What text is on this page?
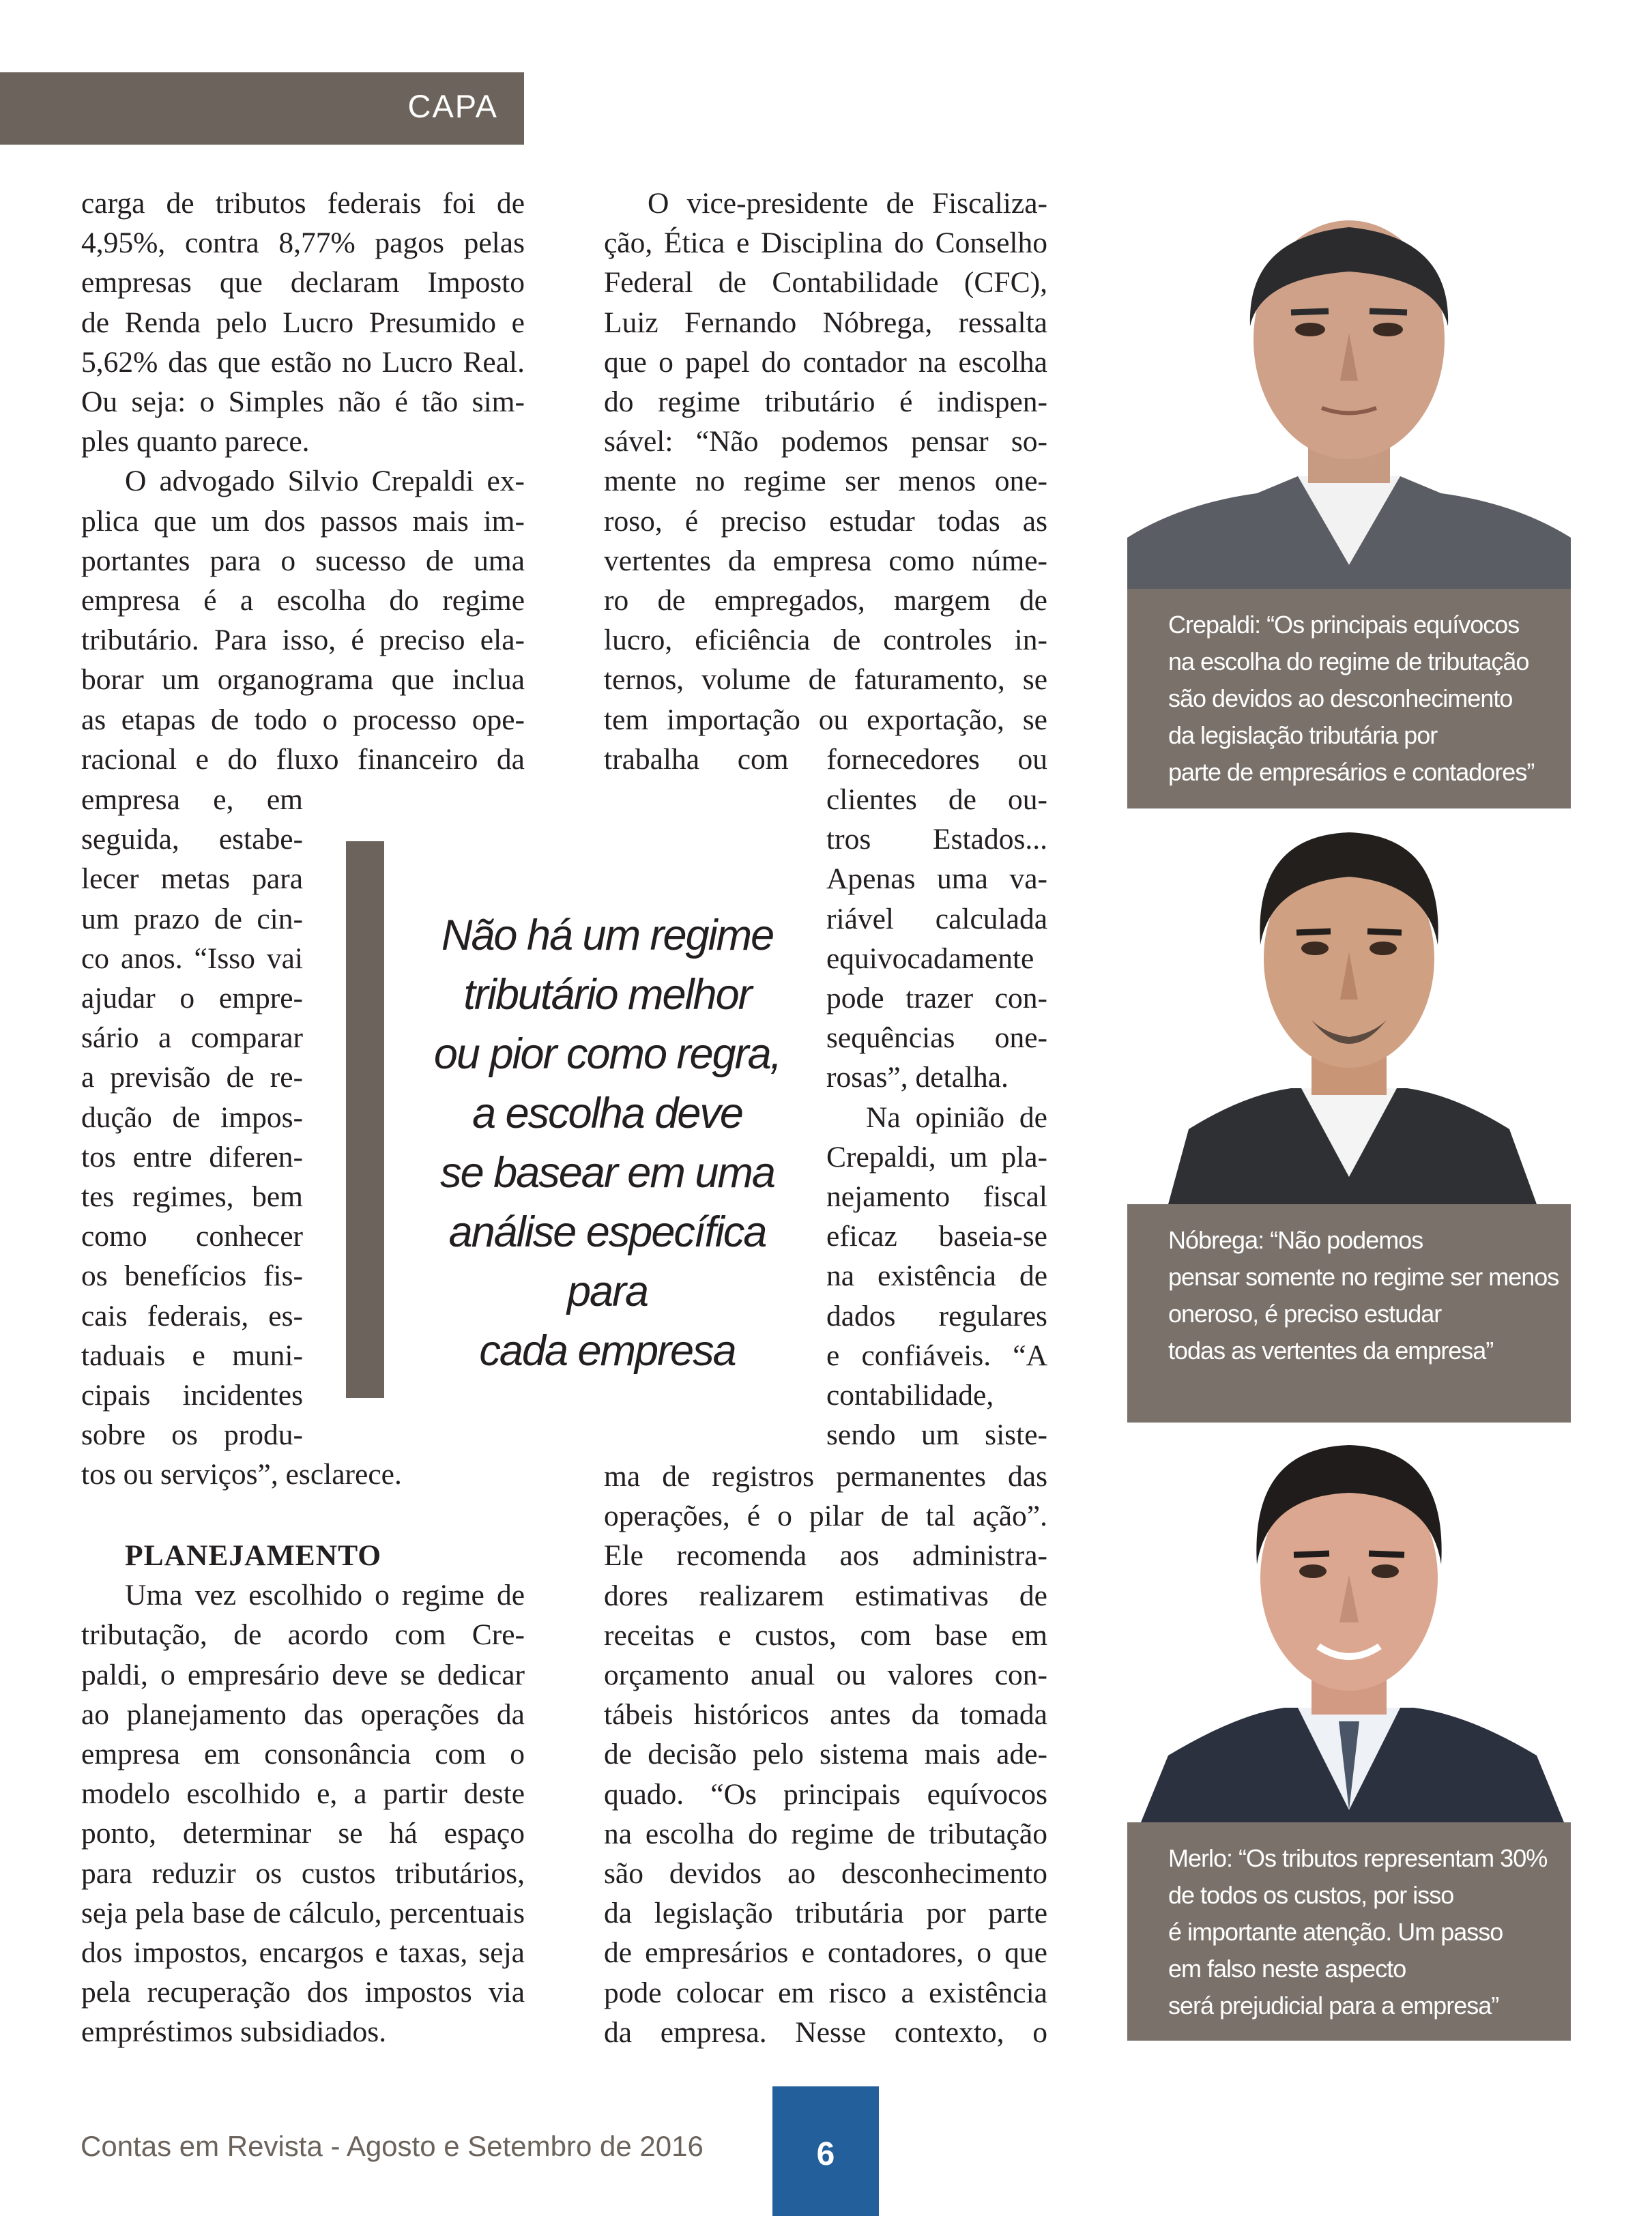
CAPA
carga de tributos federais foi de
4,95%, contra 8,77% pagos pelas
empresas que declaram Imposto
de Renda pelo Lucro Presumido e
5,62% das que estão no Lucro Real.
Ou seja: o Simples não é tão sim-
ples quanto parece.
O advogado Silvio Crepaldi ex-
plica que um dos passos mais im-
portantes para o sucesso de uma
empresa é a escolha do regime
tributário. Para isso, é preciso ela-
borar um organograma que inclua
as etapas de todo o processo ope-
racional e do fluxo financeiro da
empresa e, em
seguida, estabe-
lecer metas para
um prazo de cin-
co anos. “Isso vai
ajudar o empre-
sário a comparar
a previsão de re-
dução de impos-
tos entre diferen-
tes regimes, bem
como conhecer
os benefícios fis-
cais federais, es-
taduais e muni-
cipais incidentes
sobre os produ-
tos ou serviços”, esclarece.
PLANEJAMENTO
Uma vez escolhido o regime de
tributação, de acordo com Cre-
paldi, o empresário deve se dedicar
ao planejamento das operações da
empresa em consonância com o
modelo escolhido e, a partir deste
ponto, determinar se há espaço
para reduzir os custos tributários,
seja pela base de cálculo, percentuais
dos impostos, encargos e taxas, seja
pela recuperação dos impostos via
empréstimos subsidiados.
O vice-presidente de Fiscaliza-
ção, Ética e Disciplina do Conselho
Federal de Contabilidade (CFC),
Luiz Fernando Nóbrega, ressalta
que o papel do contador na escolha
do regime tributário é indispen-
sável: “Não podemos pensar so-
mente no regime ser menos one-
roso, é preciso estudar todas as
vertentes da empresa como núme-
ro de empregados, margem de
lucro, eficiência de controles in-
ternos, volume de faturamento, se
tem importação ou exportação, se
trabalha com fornecedores ou
clientes de ou-
tros Estados...
Apenas uma va-
riável calculada
equivocadamente
pode trazer con-
sequências one-
rosas”, detalha.
Na opinião de
Crepaldi, um pla-
nejamento fiscal
eficaz baseia-se
na existência de
dados regulares
e confiáveis. “A
contabilidade,
sendo um siste-
ma de registros permanentes das
operações, é o pilar de tal ação”.
Ele recomenda aos administra-
dores realizarem estimativas de
receitas e custos, com base em
orçamento anual ou valores con-
tábeis históricos antes da tomada
de decisão pelo sistema mais ade-
quado. “Os principais equívocos
na escolha do regime de tributação
são devidos ao desconhecimento
da legislação tributária por parte
de empresários e contadores, o que
pode colocar em risco a existência
da empresa. Nesse contexto, o
Não há um regime
tributário melhor
ou pior como regra,
a escolha deve
se basear em uma
análise específica para
cada empresa
Crepaldi: “Os principais equívocos
na escolha do regime de tributação
são devidos ao desconhecimento
da legislação tributária por
parte de empresários e contadores”
Nóbrega: “Não podemos
pensar somente no regime ser menos
oneroso, é preciso estudar
todas as vertentes da empresa”
Merlo: “Os tributos representam 30%
de todos os custos, por isso
é importante atenção. Um passo
em falso neste aspecto
será prejudicial para a empresa”
Contas em Revista - Agosto e Setembro de 2016	6
